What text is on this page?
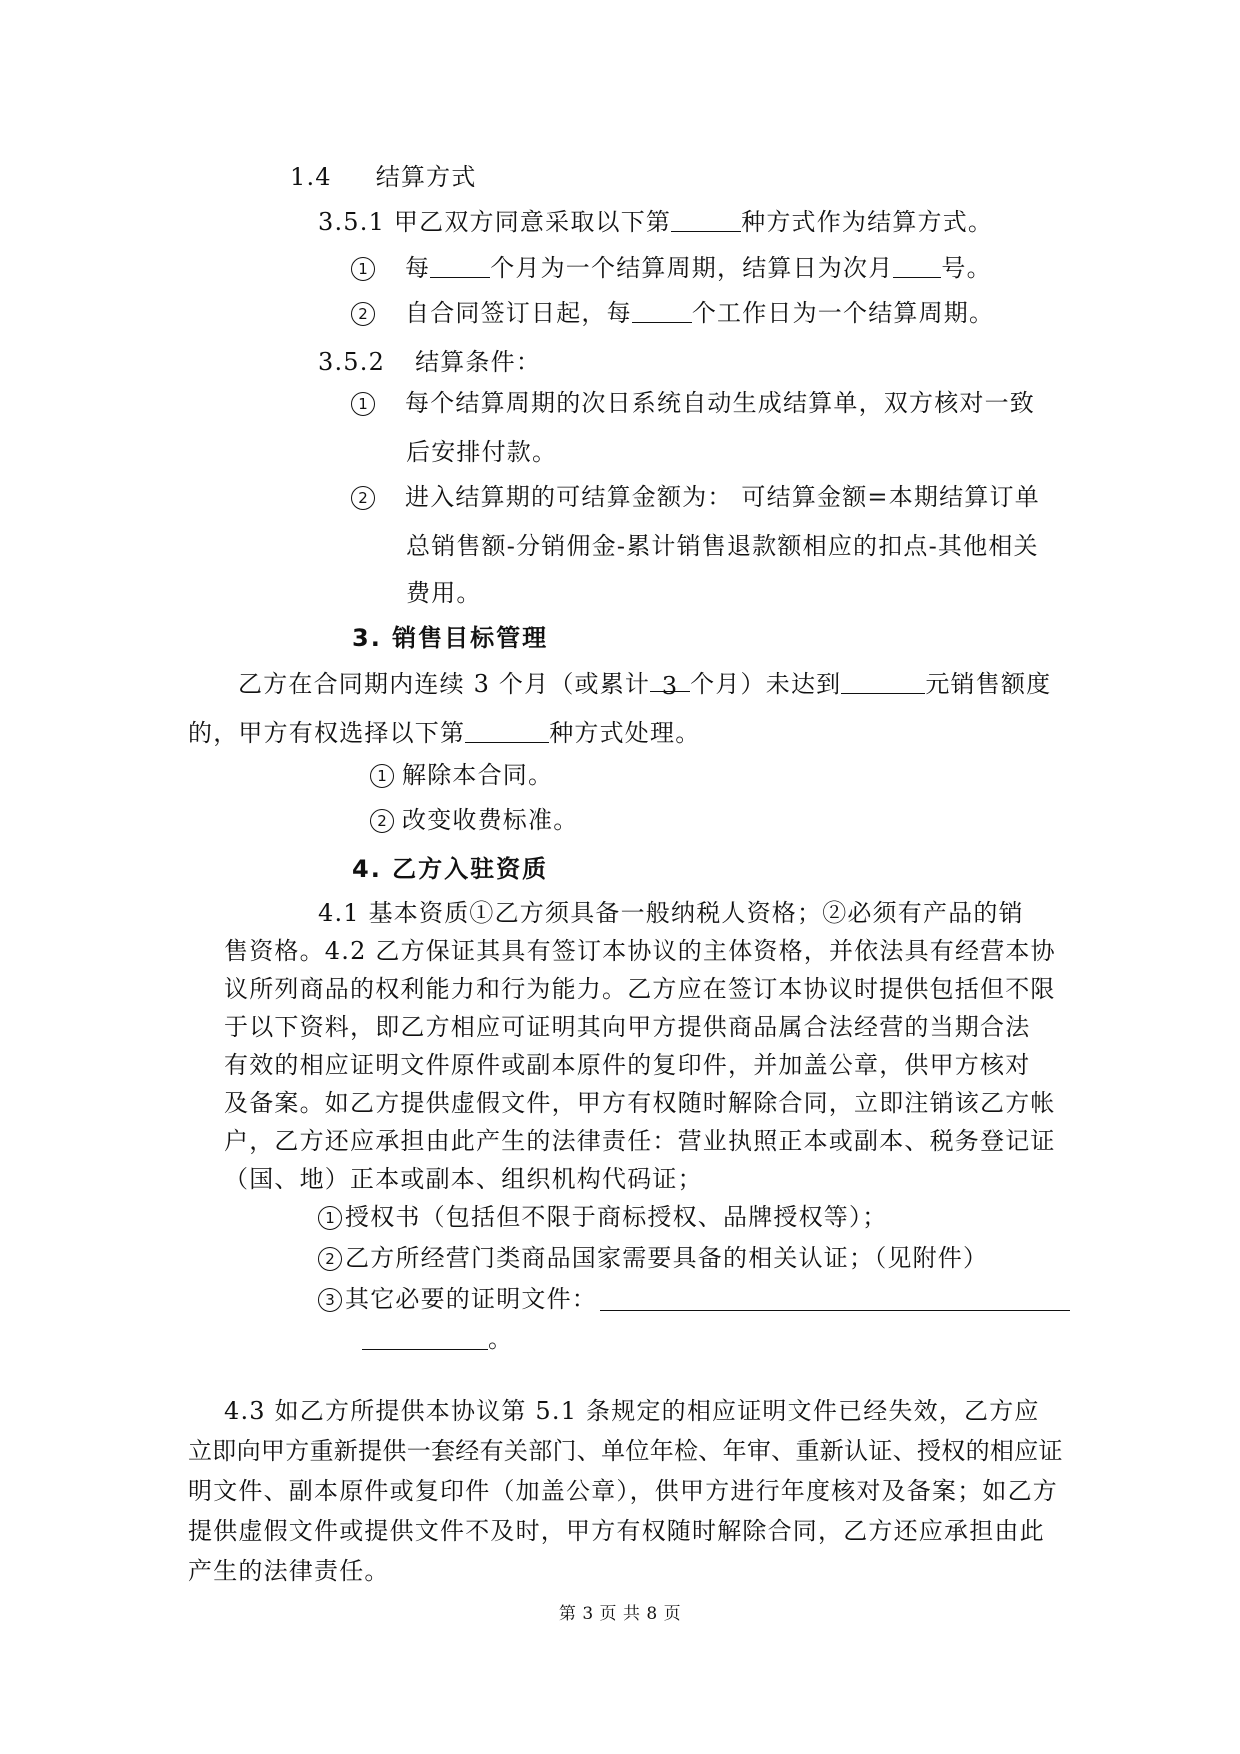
1.4 结算方式
3.5.1 甲乙双方同意采取以下第	种方式作为结算方式。
1 每	个月为一个结算周期，结算日为次月 号。
2 自合同签订日起，每	个工作日为一个结算周期。
3.5.2 结算条件：
1 每个结算周期的次日系统自动生成结算单，双方核对一致
后安排付款。
2 进入结算期的可结算金额为： 可结算金额=本期结算订单
总销售额-分销佣金-累计销售退款额相应的扣点-其他相关
费用。
3. 销售目标管理
乙方在合同期内连续 3 个月（或累计3个月）未达到	元销售额度
的，甲方有权选择以下第	种方式处理。
1 解除本合同。
2 改变收费标准。
4. 乙方入驻资质
4.1 基本资质①乙方须具备一般纳税人资格；②必须有产品的销
售资格。4.2 乙方保证其具有签订本协议的主体资格，并依法具有经营本协
议所列商品的权利能力和行为能力。乙方应在签订本协议时提供包括但不限
于以下资料，即乙方相应可证明其向甲方提供商品属合法经营的当期合法
有效的相应证明文件原件或副本原件的复印件，并加盖公章，供甲方核对
及备案。如乙方提供虚假文件，甲方有权随时解除合同，立即注销该乙方帐
户，乙方还应承担由此产生的法律责任：营业执照正本或副本、税务登记证
（国、地）正本或副本、组织机构代码证；
1 授权书（包括但不限于商标授权、品牌授权等）；
2 乙方所经营门类商品国家需要具备的相关认证；（见附件）
3 其它必要的证明文件：
。
4.3 如乙方所提供本协议第 5.1 条规定的相应证明文件已经失效，乙方应
立即向甲方重新提供一套经有关部门、单位年检、年审、重新认证、授权的相应证
明文件、副本原件或复印件（加盖公章），供甲方进行年度核对及备案；如乙方
提供虚假文件或提供文件不及时，甲方有权随时解除合同，乙方还应承担由此
产生的法律责任。
第 3 页 共 8 页
